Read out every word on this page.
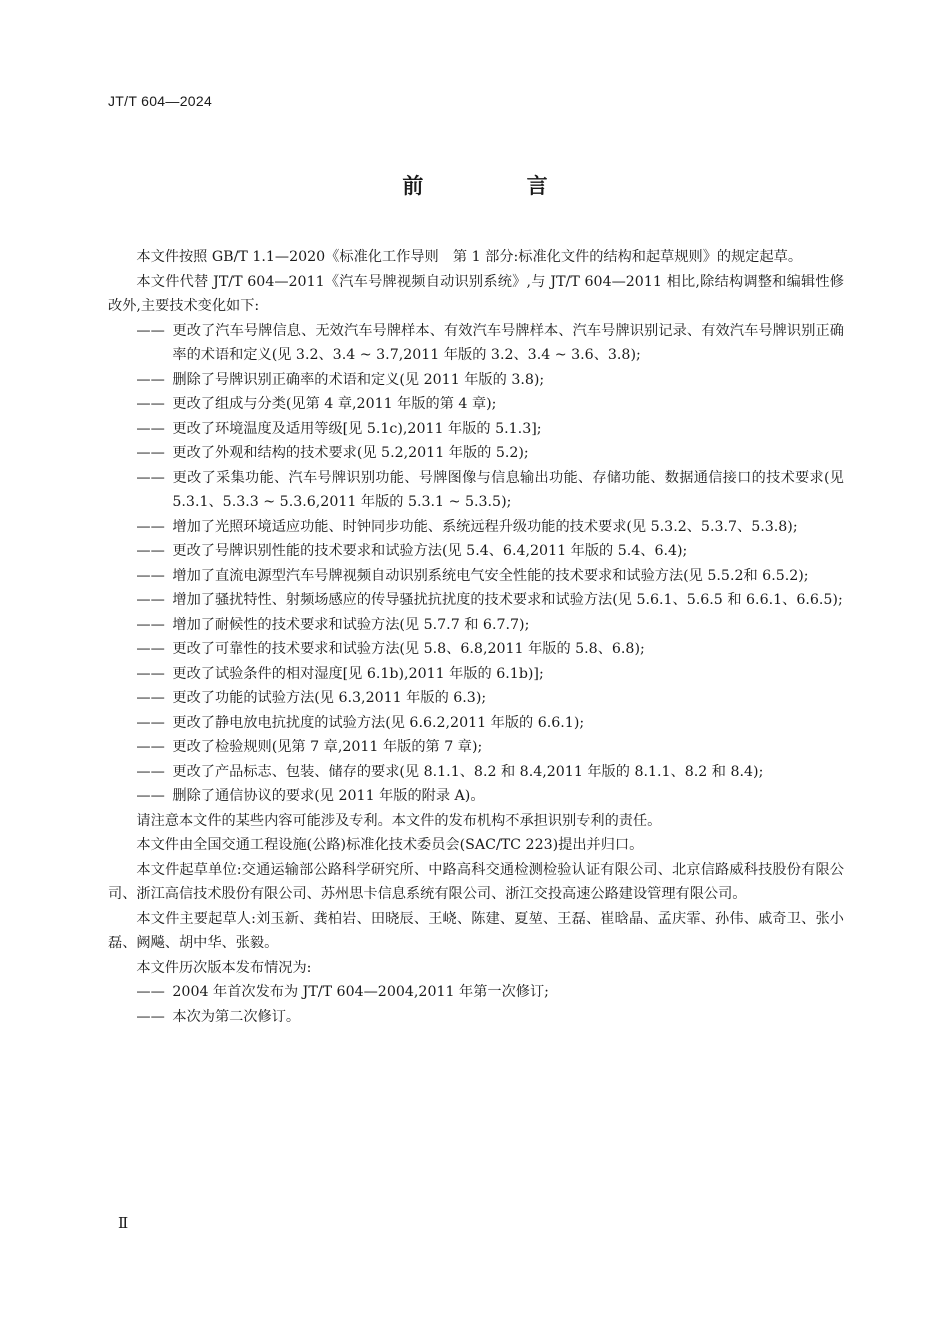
JT/T 604—2024
前 言

本文件按照 GB/T 1.1—2020《标准化工作导则　第 1 部分:标准化文件的结构和起草规则》的规定起草。

本文件代替 JT/T 604—2011《汽车号牌视频自动识别系统》,与 JT/T 604—2011 相比,除结构调整和编辑性修改外,主要技术变化如下:

—— 更改了汽车号牌信息、无效汽车号牌样本、有效汽车号牌样本、汽车号牌识别记录、有效汽车号牌识别正确率的术语和定义(见 3.2、3.4 ~ 3.7,2011 年版的 3.2、3.4 ~ 3.6、3.8);

—— 删除了号牌识别正确率的术语和定义(见 2011 年版的 3.8);

—— 更改了组成与分类(见第 4 章,2011 年版的第 4 章);

—— 更改了环境温度及适用等级[见 5.1c),2011 年版的 5.1.3];

—— 更改了外观和结构的技术要求(见 5.2,2011 年版的 5.2);

—— 更改了采集功能、汽车号牌识别功能、号牌图像与信息输出功能、存储功能、数据通信接口的技术要求(见 5.3.1、5.3.3 ~ 5.3.6,2011 年版的 5.3.1 ~ 5.3.5);

—— 增加了光照环境适应功能、时钟同步功能、系统远程升级功能的技术要求(见 5.3.2、5.3.7、5.3.8);

—— 更改了号牌识别性能的技术要求和试验方法(见 5.4、6.4,2011 年版的 5.4、6.4);

—— 增加了直流电源型汽车号牌视频自动识别系统电气安全性能的技术要求和试验方法(见 5.5.2和 6.5.2);

—— 增加了骚扰特性、射频场感应的传导骚扰抗扰度的技术要求和试验方法(见 5.6.1、5.6.5 和 6.6.1、6.6.5);

—— 增加了耐候性的技术要求和试验方法(见 5.7.7 和 6.7.7);

—— 更改了可靠性的技术要求和试验方法(见 5.8、6.8,2011 年版的 5.8、6.8);

—— 更改了试验条件的相对湿度[见 6.1b),2011 年版的 6.1b)];

—— 更改了功能的试验方法(见 6.3,2011 年版的 6.3);

—— 更改了静电放电抗扰度的试验方法(见 6.6.2,2011 年版的 6.6.1);

—— 更改了检验规则(见第 7 章,2011 年版的第 7 章);

—— 更改了产品标志、包装、储存的要求(见 8.1.1、8.2 和 8.4,2011 年版的 8.1.1、8.2 和 8.4);

—— 删除了通信协议的要求(见 2011 年版的附录 A)。

请注意本文件的某些内容可能涉及专利。本文件的发布机构不承担识别专利的责任。

本文件由全国交通工程设施(公路)标准化技术委员会(SAC/TC 223)提出并归口。

本文件起草单位:交通运输部公路科学研究所、中路高科交通检测检验认证有限公司、北京信路威科技股份有限公司、浙江高信技术股份有限公司、苏州思卡信息系统有限公司、浙江交投高速公路建设管理有限公司。

本文件主要起草人:刘玉新、龚柏岩、田晓辰、王峣、陈建、夏堃、王磊、崔晗晶、孟庆霏、孙伟、戚奇卫、张小磊、阙飚、胡中华、张毅。

本文件历次版本发布情况为:

—— 2004 年首次发布为 JT/T 604—2004,2011 年第一次修订;

—— 本次为第二次修订。

Ⅱ
